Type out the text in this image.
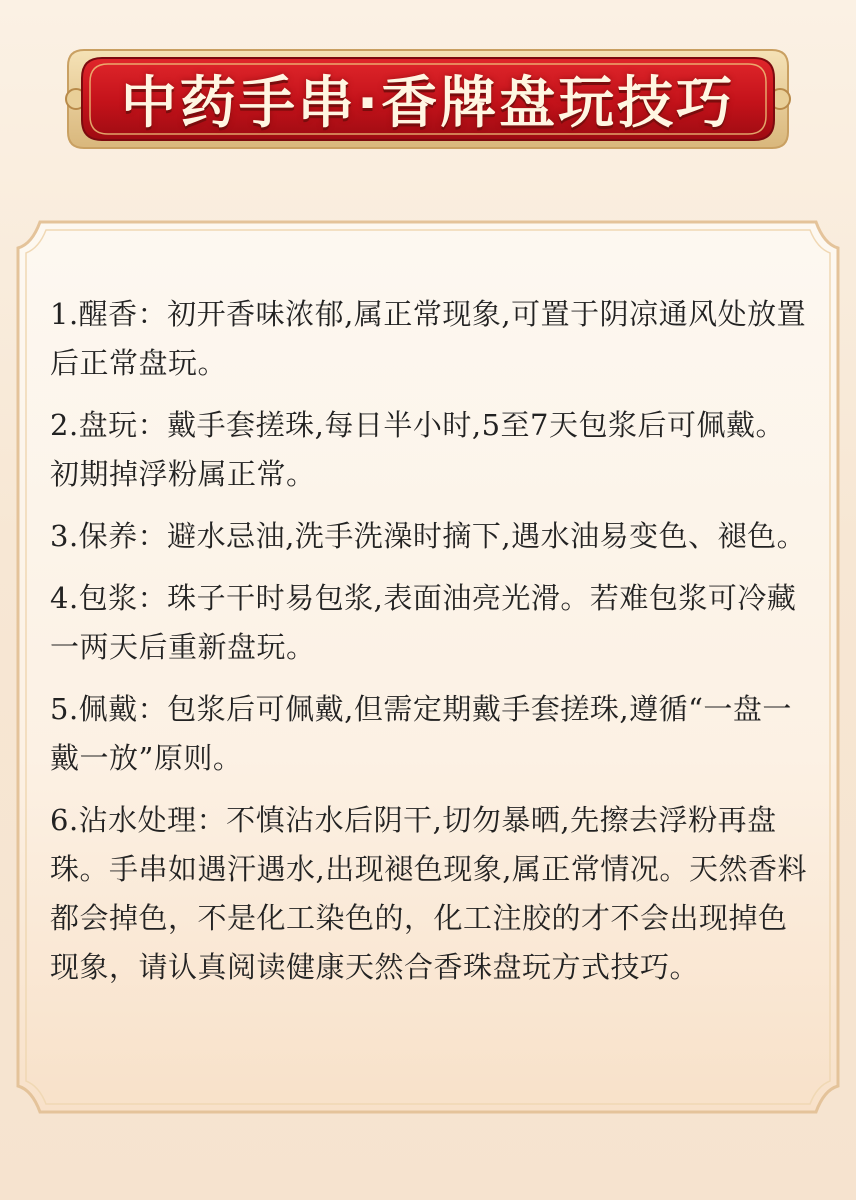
中药手串·香牌盘玩技巧
1.醒香：初开香味浓郁,属正常现象,可置于阴凉通风处放置后正常盘玩。
2.盘玩：戴手套搓珠,每日半小时,5至7天包浆后可佩戴。初期掉浮粉属正常。
3.保养：避水忌油,洗手洗澡时摘下,遇水油易变色、褪色。
4.包浆：珠子干时易包浆,表面油亮光滑。若难包浆可冷藏一两天后重新盘玩。
5.佩戴：包浆后可佩戴,但需定期戴手套搓珠,遵循“一盘一戴一放”原则。
6.沾水处理：不慎沾水后阴干,切勿暴晒,先擦去浮粉再盘珠。手串如遇汗遇水,出现褪色现象,属正常情况。天然香料都会掉色，不是化工染色的，化工注胶的才不会出现掉色现象，请认真阅读健康天然合香珠盘玩方式技巧。
